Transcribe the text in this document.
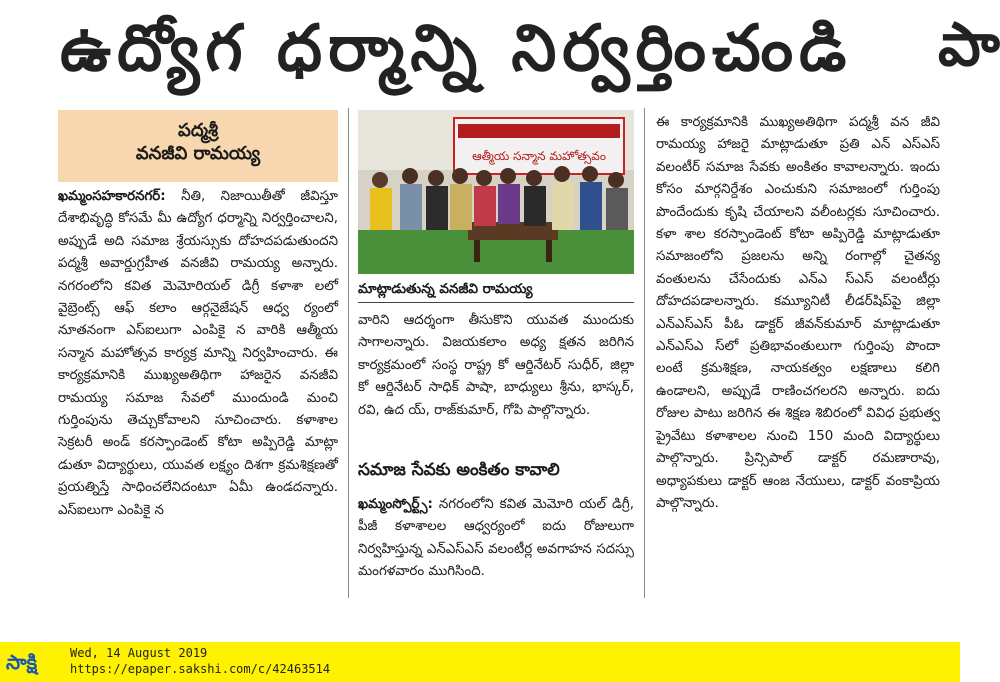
ఉద్యోగ ధర్మాన్ని నిర్వర్తించండి పా
పద్మశ్రీ
వనజీవి రామయ్య

ఖమ్మంసహకారనగర్: నీతి, నిజాయితీతో జీవిస్తూ దేశాభివృద్ధి కోసమే మీ ఉద్యోగ ధర్మాన్ని నిర్వర్తించాలని, అప్పుడే అది సమాజ శ్రేయస్సుకు దోహదపడుతుందని పద్మశ్రీ అవార్డుగ్రహీత వనజీవి రామయ్య అన్నారు. నగరంలోని కవిత మెమోరియల్ డిగ్రీ కళాశా లలో వైబ్రెంట్స్ ఆఫ్ కలాం ఆర్గనైజేషన్ ఆధ్వ ర్యంలో నూతనంగా ఎస్ఐలుగా ఎంపికై న వారికి ఆత్మీయ సన్మాన మహోత్సవ కార్యక్ర మాన్ని నిర్వహించారు. ఈ కార్యక్రమానికి ముఖ్యఅతిథిగా హాజరైన వనజీవి రామయ్య సమాజ సేవలో ముందుండి మంచి గుర్తింపును తెచ్చుకోవాలని సూచించారు. కళాశాల సెక్రటరీ అండ్ కరస్పాండెంట్ కోటా అప్పిరెడ్డి మాట్లా డుతూ విద్యార్థులు, యువత లక్ష్యం దిశగా క్రమశిక్షణతో ప్రయత్నిస్తే సాధించలేనిదంటూ ఏమీ ఉండదన్నారు. ఎస్ఐలుగా ఎంపికై న

ఆత్మీయ సన్మాన మహోత్సవం
మాట్లాడుతున్న వనజీవి రామయ్య

వారిని ఆదర్శంగా తీసుకొని యువత ముందుకు సాగాలన్నారు. విజయకలాం అధ్య క్షతన జరిగిన కార్యక్రమంలో సంస్థ రాష్ట్ర కో ఆర్డినేటర్ సుధీర్, జిల్లా కో ఆర్డినేటర్ సాధిక్ పాషా, బాధ్యులు శ్రీను, భాస్కర్, రవి, ఉద య్, రాజ్‌కుమార్, గోపి పాల్గొన్నారు.

సమాజ సేవకు అంకితం కావాలి

ఖమ్మంస్పోర్ట్స్: నగరంలోని కవిత మెమోరి యల్ డిగ్రీ, పీజీ కళాశాలల ఆధ్వర్యంలో ఐదు రోజులుగా నిర్వహిస్తున్న ఎన్ఎస్ఎస్ వలంటీర్ల అవగాహన సదస్సు మంగళవారం ముగిసింది.

ఈ కార్యక్రమానికి ముఖ్యఅతిథిగా పద్మశ్రీ వన జీవి రామయ్య హాజరై మాట్లాడుతూ ప్రతి ఎన్ ఎస్ఎస్ వలంటీర్ సమాజ సేవకు అంకితం కావాలన్నారు. ఇందు కోసం మార్గనిర్దేశం ఎంచుకుని సమాజంలో గుర్తింపు పొందేందుకు కృషి చేయాలని వలీంటర్లకు సూచించారు. కళా శాల కరస్పాండెంట్ కోటా అప్పిరెడ్డి మాట్లాడుతూ సమాజంలోని ప్రజలను అన్ని రంగాల్లో చైతన్య వంతులను చేసేందుకు ఎన్ఎ స్ఎస్ వలంటీర్లు దోహదపడాలన్నారు. కమ్యూనిటీ లీడర్‌షిప్‌పై జిల్లా ఎన్ఎస్ఎస్ పీఓ డాక్టర్ జీవన్‌కుమార్ మాట్లాడుతూ ఎన్ఎస్ఎ స్‌లో ప్రతిభావంతులుగా గుర్తింపు పొందా లంటే క్రమశిక్షణ, నాయకత్వం లక్షణాలు కలిగి ఉండాలని, అప్పుడే రాణించగలరని అన్నారు. ఐదు రోజుల పాటు జరిగిన ఈ శిక్షణ శిబిరంలో వివిధ ప్రభుత్వ ప్రైవేటు కళాశాలల నుంచి 150 మంది విద్యార్థులు పాల్గొన్నారు. ప్రిన్సిపాల్ డాక్టర్ రమణారావు, అధ్యాపకులు డాక్టర్ ఆంజ నేయులు, డాక్టర్ వంకాప్రియ పాల్గొన్నారు.

సాక్షి	Wed, 14 August 2019
https://epaper.sakshi.com/c/42463514
